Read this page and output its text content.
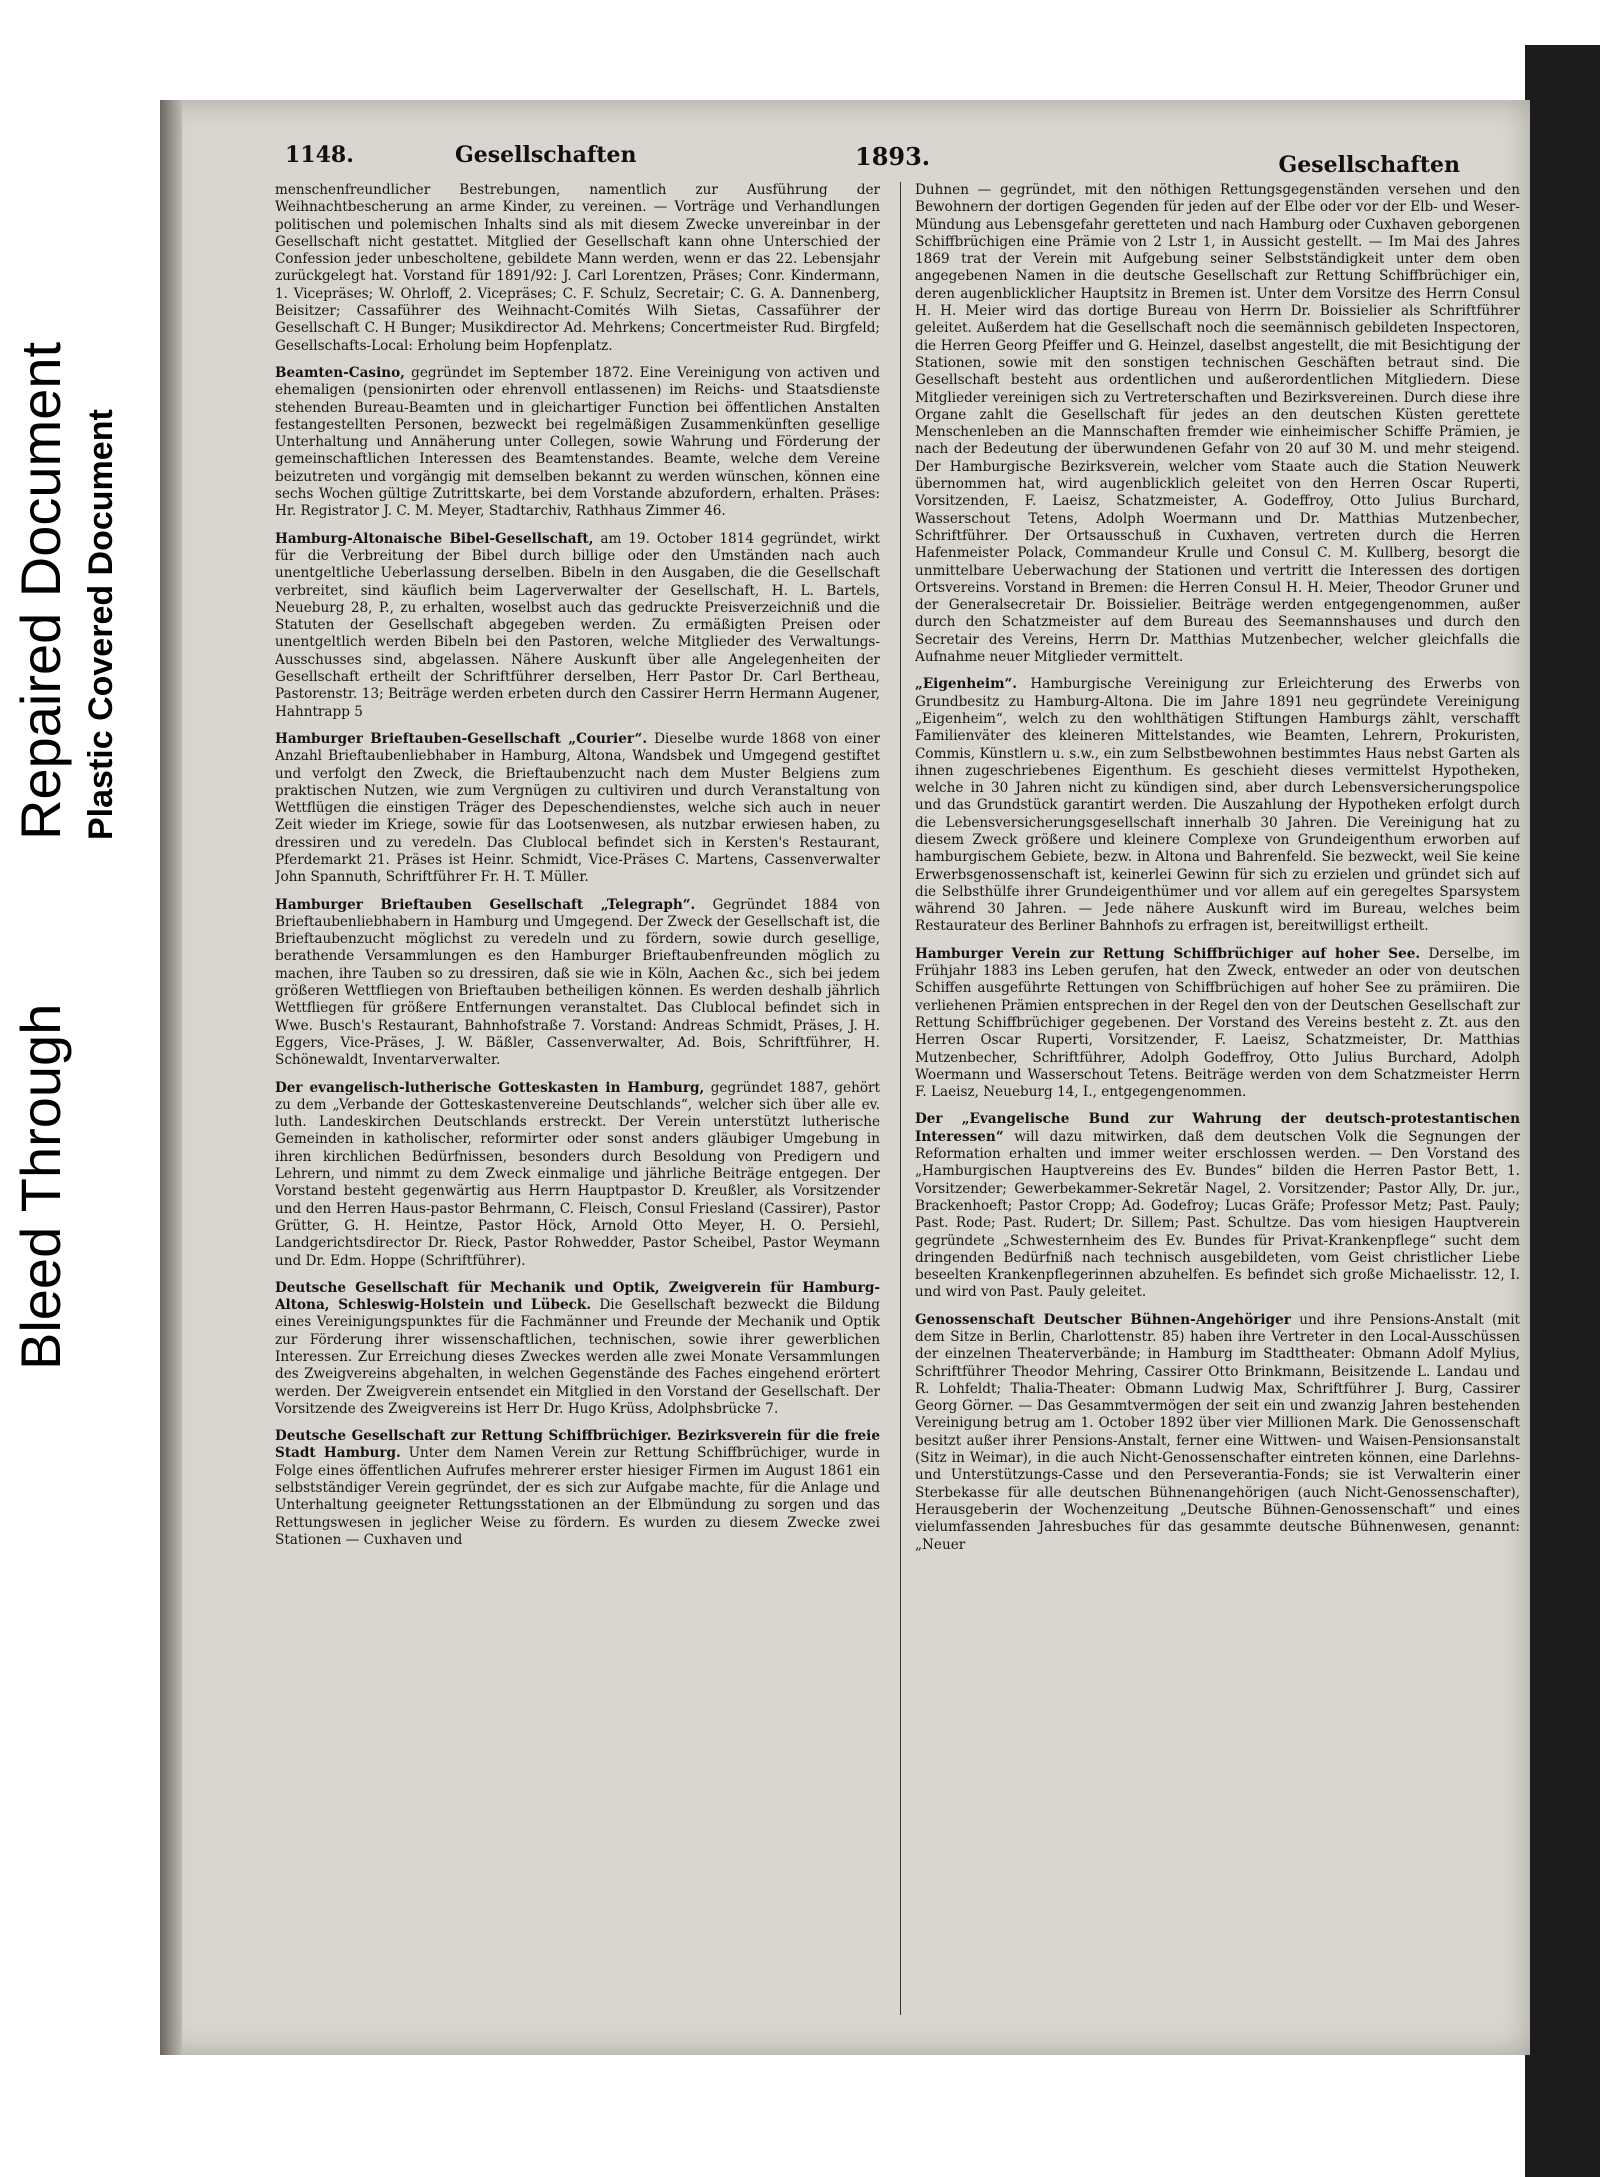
Bleed Through
Repaired Document Plastic Covered Document
1148.	Gesellschaften	1893.	Gesellschaften

menschenfreundlicher Bestrebungen, namentlich zur Ausführung der Weihnachtbescherung an arme Kinder, zu vereinen. — Vorträge und Verhandlungen politischen und polemischen Inhalts sind als mit diesem Zwecke unvereinbar in der Gesellschaft nicht gestattet. Mitglied der Gesellschaft kann ohne Unterschied der Confession jeder unbescholtene, gebildete Mann werden, wenn er das 22. Lebensjahr zurückgelegt hat. Vorstand für 1891/92: J. Carl Lorentzen, Präses; Conr. Kindermann, 1. Vicepräses; W. Ohrloff, 2. Vicepräses; C. F. Schulz, Secretair; C. G. A. Dannenberg, Beisitzer; Cassaführer des Weihnacht-Comités Wilh Sietas, Cassaführer der Gesellschaft C. H Bunger; Musikdirector Ad. Mehrkens; Concertmeister Rud. Birgfeld; Gesellschafts-Local: Erholung beim Hopfenplatz.

Beamten-Casino, gegründet im September 1872. Eine Vereinigung von activen und ehemaligen (pensionirten oder ehrenvoll entlassenen) im Reichs- und Staatsdienste stehenden Bureau-Beamten und in gleichartiger Function bei öffentlichen Anstalten festangestellten Personen, bezweckt bei regelmäßigen Zusammenkünften gesellige Unterhaltung und Annäherung unter Collegen, sowie Wahrung und Förderung der gemeinschaftlichen Interessen des Beamtenstandes. Beamte, welche dem Vereine beizutreten und vorgängig mit demselben bekannt zu werden wünschen, können eine sechs Wochen gültige Zutrittskarte, bei dem Vorstande abzufordern, erhalten. Präses: Hr. Registrator J. C. M. Meyer, Stadtarchiv, Rathhaus Zimmer 46.

Hamburg-Altonaische Bibel-Gesellschaft, am 19. October 1814 gegründet, wirkt für die Verbreitung der Bibel durch billige oder den Umständen nach auch unentgeltliche Ueberlassung derselben. Bibeln in den Ausgaben, die die Gesellschaft verbreitet, sind käuflich beim Lagerverwalter der Gesellschaft, H. L. Bartels, Neueburg 28, P., zu erhalten, woselbst auch das gedruckte Preisverzeichniß und die Statuten der Gesellschaft abgegeben werden. Zu ermäßigten Preisen oder unentgeltlich werden Bibeln bei den Pastoren, welche Mitglieder des Verwaltungs-Ausschusses sind, abgelassen. Nähere Auskunft über alle Angelegenheiten der Gesellschaft ertheilt der Schriftführer derselben, Herr Pastor Dr. Carl Bertheau, Pastorenstr. 13; Beiträge werden erbeten durch den Cassirer Herrn Hermann Augener, Hahntrapp 5

Hamburger Brieftauben-Gesellschaft „Courier“. Dieselbe wurde 1868 von einer Anzahl Brieftaubenliebhaber in Hamburg, Altona, Wandsbek und Umgegend gestiftet und verfolgt den Zweck, die Brieftaubenzucht nach dem Muster Belgiens zum praktischen Nutzen, wie zum Vergnügen zu cultiviren und durch Veranstaltung von Wettflügen die einstigen Träger des Depeschendienstes, welche sich auch in neuer Zeit wieder im Kriege, sowie für das Lootsenwesen, als nutzbar erwiesen haben, zu dressiren und zu veredeln. Das Clublocal befindet sich in Kersten's Restaurant, Pferdemarkt 21. Präses ist Heinr. Schmidt, Vice-Präses C. Martens, Cassenverwalter John Spannuth, Schriftführer Fr. H. T. Müller.

Hamburger Brieftauben Gesellschaft „Telegraph“. Gegründet 1884 von Brieftaubenliebhabern in Hamburg und Umgegend. Der Zweck der Gesellschaft ist, die Brieftaubenzucht möglichst zu veredeln und zu fördern, sowie durch gesellige, berathende Versammlungen es den Hamburger Brieftaubenfreunden möglich zu machen, ihre Tauben so zu dressiren, daß sie wie in Köln, Aachen &c., sich bei jedem größeren Wettfliegen von Brieftauben betheiligen können. Es werden deshalb jährlich Wettfliegen für größere Entfernungen veranstaltet. Das Clublocal befindet sich in Wwe. Busch's Restaurant, Bahnhofstraße 7. Vorstand: Andreas Schmidt, Präses, J. H. Eggers, Vice-Präses, J. W. Bäßler, Cassenverwalter, Ad. Bois, Schriftführer, H. Schönewaldt, Inventarverwalter.

Der evangelisch-lutherische Gotteskasten in Hamburg, gegründet 1887, gehört zu dem „Verbande der Gotteskastenvereine Deutschlands“, welcher sich über alle ev. luth. Landeskirchen Deutschlands erstreckt. Der Verein unterstützt lutherische Gemeinden in katholischer, reformirter oder sonst anders gläubiger Umgebung in ihren kirchlichen Bedürfnissen, besonders durch Besoldung von Predigern und Lehrern, und nimmt zu dem Zweck einmalige und jährliche Beiträge entgegen. Der Vorstand besteht gegenwärtig aus Herrn Hauptpastor D. Kreußler, als Vorsitzender und den Herren Haus-pastor Behrmann, C. Fleisch, Consul Friesland (Cassirer), Pastor Grütter, G. H. Heintze, Pastor Höck, Arnold Otto Meyer, H. O. Persiehl, Landgerichtsdirector Dr. Rieck, Pastor Rohwedder, Pastor Scheibel, Pastor Weymann und Dr. Edm. Hoppe (Schriftführer).

Deutsche Gesellschaft für Mechanik und Optik, Zweigverein für Hamburg-Altona, Schleswig-Holstein und Lübeck. Die Gesellschaft bezweckt die Bildung eines Vereinigungspunktes für die Fachmänner und Freunde der Mechanik und Optik zur Förderung ihrer wissenschaftlichen, technischen, sowie ihrer gewerblichen Interessen. Zur Erreichung dieses Zweckes werden alle zwei Monate Versammlungen des Zweigvereins abgehalten, in welchen Gegenstände des Faches eingehend erörtert werden. Der Zweigverein entsendet ein Mitglied in den Vorstand der Gesellschaft. Der Vorsitzende des Zweigvereins ist Herr Dr. Hugo Krüss, Adolphsbrücke 7.

Deutsche Gesellschaft zur Rettung Schiffbrüchiger. Bezirksverein für die freie Stadt Hamburg. Unter dem Namen Verein zur Rettung Schiffbrüchiger, wurde in Folge eines öffentlichen Aufrufes mehrerer erster hiesiger Firmen im August 1861 ein selbstständiger Verein gegründet, der es sich zur Aufgabe machte, für die Anlage und Unterhaltung geeigneter Rettungsstationen an der Elbmündung zu sorgen und das Rettungswesen in jeglicher Weise zu fördern. Es wurden zu diesem Zwecke zwei Stationen — Cuxhaven und

Duhnen — gegründet, mit den nöthigen Rettungsgegenständen versehen und den Bewohnern der dortigen Gegenden für jeden auf der Elbe oder vor der Elb- und Weser-Mündung aus Lebensgefahr geretteten und nach Hamburg oder Cuxhaven geborgenen Schiffbrüchigen eine Prämie von 2 Lstr 1, in Aussicht gestellt. — Im Mai des Jahres 1869 trat der Verein mit Aufgebung seiner Selbstständigkeit unter dem oben angegebenen Namen in die deutsche Gesellschaft zur Rettung Schiffbrüchiger ein, deren augenblicklicher Hauptsitz in Bremen ist. Unter dem Vorsitze des Herrn Consul H. H. Meier wird das dortige Bureau von Herrn Dr. Boissielier als Schriftführer geleitet. Außerdem hat die Gesellschaft noch die seemännisch gebildeten Inspectoren, die Herren Georg Pfeiffer und G. Heinzel, daselbst angestellt, die mit Besichtigung der Stationen, sowie mit den sonstigen technischen Geschäften betraut sind. Die Gesellschaft besteht aus ordentlichen und außerordentlichen Mitgliedern. Diese Mitglieder vereinigen sich zu Vertreterschaften und Bezirksvereinen. Durch diese ihre Organe zahlt die Gesellschaft für jedes an den deutschen Küsten gerettete Menschenleben an die Mannschaften fremder wie einheimischer Schiffe Prämien, je nach der Bedeutung der überwundenen Gefahr von 20 auf 30 M. und mehr steigend. Der Hamburgische Bezirksverein, welcher vom Staate auch die Station Neuwerk übernommen hat, wird augenblicklich geleitet von den Herren Oscar Ruperti, Vorsitzenden, F. Laeisz, Schatzmeister, A. Godeffroy, Otto Julius Burchard, Wasserschout Tetens, Adolph Woermann und Dr. Matthias Mutzenbecher, Schriftführer. Der Ortsausschuß in Cuxhaven, vertreten durch die Herren Hafenmeister Polack, Commandeur Krulle und Consul C. M. Kullberg, besorgt die unmittelbare Ueberwachung der Stationen und vertritt die Interessen des dortigen Ortsvereins. Vorstand in Bremen: die Herren Consul H. H. Meier, Theodor Gruner und der Generalsecretair Dr. Boissielier. Beiträge werden entgegengenommen, außer durch den Schatzmeister auf dem Bureau des Seemannshauses und durch den Secretair des Vereins, Herrn Dr. Matthias Mutzenbecher, welcher gleichfalls die Aufnahme neuer Mitglieder vermittelt.

„Eigenheim“. Hamburgische Vereinigung zur Erleichterung des Erwerbs von Grundbesitz zu Hamburg-Altona. Die im Jahre 1891 neu gegründete Vereinigung „Eigenheim“, welch zu den wohlthätigen Stiftungen Hamburgs zählt, verschafft Familienväter des kleineren Mittelstandes, wie Beamten, Lehrern, Prokuristen, Commis, Künstlern u. s.w., ein zum Selbstbewohnen bestimmtes Haus nebst Garten als ihnen zugeschriebenes Eigenthum. Es geschieht dieses vermittelst Hypotheken, welche in 30 Jahren nicht zu kündigen sind, aber durch Lebensversicherungspolice und das Grundstück garantirt werden. Die Auszahlung der Hypotheken erfolgt durch die Lebensversicherungsgesellschaft innerhalb 30 Jahren. Die Vereinigung hat zu diesem Zweck größere und kleinere Complexe von Grundeigenthum erworben auf hamburgischem Gebiete, bezw. in Altona und Bahrenfeld. Sie bezweckt, weil Sie keine Erwerbsgenossenschaft ist, keinerlei Gewinn für sich zu erzielen und gründet sich auf die Selbsthülfe ihrer Grundeigenthümer und vor allem auf ein geregeltes Sparsystem während 30 Jahren. — Jede nähere Auskunft wird im Bureau, welches beim Restaurateur des Berliner Bahnhofs zu erfragen ist, bereitwilligst ertheilt.

Hamburger Verein zur Rettung Schiffbrüchiger auf hoher See. Derselbe, im Frühjahr 1883 ins Leben gerufen, hat den Zweck, entweder an oder von deutschen Schiffen ausgeführte Rettungen von Schiffbrüchigen auf hoher See zu prämiiren. Die verliehenen Prämien entsprechen in der Regel den von der Deutschen Gesellschaft zur Rettung Schiffbrüchiger gegebenen. Der Vorstand des Vereins besteht z. Zt. aus den Herren Oscar Ruperti, Vorsitzender, F. Laeisz, Schatzmeister, Dr. Matthias Mutzenbecher, Schriftführer, Adolph Godeffroy, Otto Julius Burchard, Adolph Woermann und Wasserschout Tetens. Beiträge werden von dem Schatzmeister Herrn F. Laeisz, Neueburg 14, I., entgegengenommen.

Der „Evangelische Bund zur Wahrung der deutsch-protestantischen Interessen“ will dazu mitwirken, daß dem deutschen Volk die Segnungen der Reformation erhalten und immer weiter erschlossen werden. — Den Vorstand des „Hamburgischen Hauptvereins des Ev. Bundes“ bilden die Herren Pastor Bett, 1. Vorsitzender; Gewerbekammer-Sekretär Nagel, 2. Vorsitzender; Pastor Ally, Dr. jur., Brackenhoeft; Pastor Cropp; Ad. Godefroy; Lucas Gräfe; Professor Metz; Past. Pauly; Past. Rode; Past. Rudert; Dr. Sillem; Past. Schultze. Das vom hiesigen Hauptverein gegründete „Schwesternheim des Ev. Bundes für Privat-Krankenpflege“ sucht dem dringenden Bedürfniß nach technisch ausgebildeten, vom Geist christlicher Liebe beseelten Krankenpflegerinnen abzuhelfen. Es befindet sich große Michaelisstr. 12, I. und wird von Past. Pauly geleitet.

Genossenschaft Deutscher Bühnen-Angehöriger und ihre Pensions-Anstalt (mit dem Sitze in Berlin, Charlottenstr. 85) haben ihre Vertreter in den Local-Ausschüssen der einzelnen Theaterverbände; in Hamburg im Stadttheater: Obmann Adolf Mylius, Schriftführer Theodor Mehring, Cassirer Otto Brinkmann, Beisitzende L. Landau und R. Lohfeldt; Thalia-Theater: Obmann Ludwig Max, Schriftführer J. Burg, Cassirer Georg Görner. — Das Gesammtvermögen der seit ein und zwanzig Jahren bestehenden Vereinigung betrug am 1. October 1892 über vier Millionen Mark. Die Genossenschaft besitzt außer ihrer Pensions-Anstalt, ferner eine Wittwen- und Waisen-Pensionsanstalt (Sitz in Weimar), in die auch Nicht-Genossenschafter eintreten können, eine Darlehns- und Unterstützungs-Casse und den Perseverantia-Fonds; sie ist Verwalterin einer Sterbekasse für alle deutschen Bühnenangehörigen (auch Nicht-Genossenschafter), Herausgeberin der Wochenzeitung „Deutsche Bühnen-Genossenschaft“ und eines vielumfassenden Jahresbuches für das gesammte deutsche Bühnenwesen, genannt: „Neuer
